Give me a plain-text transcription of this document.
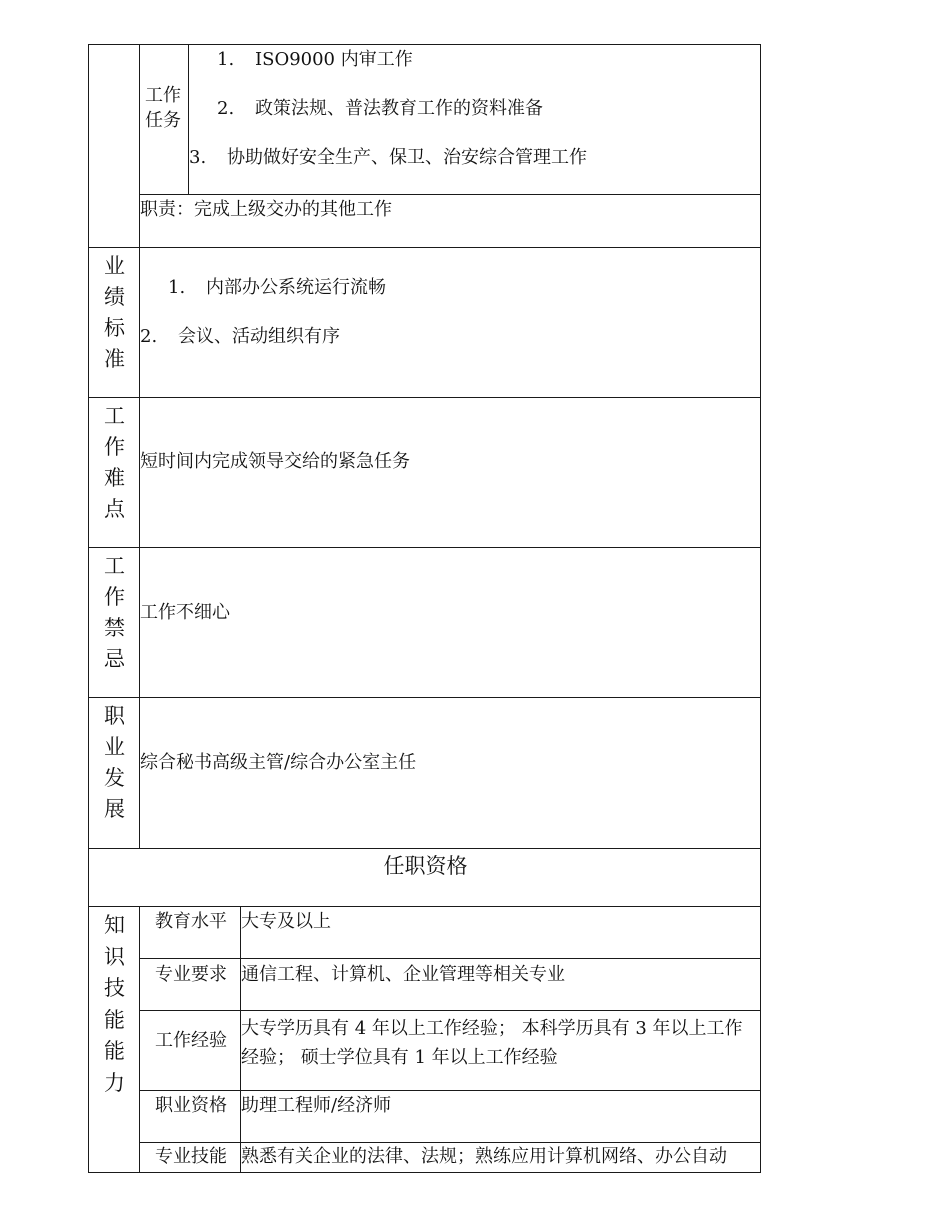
工作任务
1. ISO9000 内审工作
2. 政策法规、普法教育工作的资料准备
3. 协助做好安全生产、保卫、治安综合管理工作
职责：完成上级交办的其他工作
业
绩
标
准
1. 内部办公系统运行流畅
2. 会议、活动组织有序
工
作
难
点
短时间内完成领导交给的紧急任务
工
作
禁
忌
工作不细心
职
业
发
展
综合秘书高级主管/综合办公室主任
任职资格
知
识
技
能
能
力
教育水平 大专及以上
专业要求 通信工程、计算机、企业管理等相关专业
工作经验
大专学历具有 4 年以上工作经验； 本科学历具有 3 年以上工作经验； 硕士学位具有 1 年以上工作经验
职业资格 助理工程师/经济师
专业技能 熟悉有关企业的法律、法规；熟练应用计算机网络、办公自动
